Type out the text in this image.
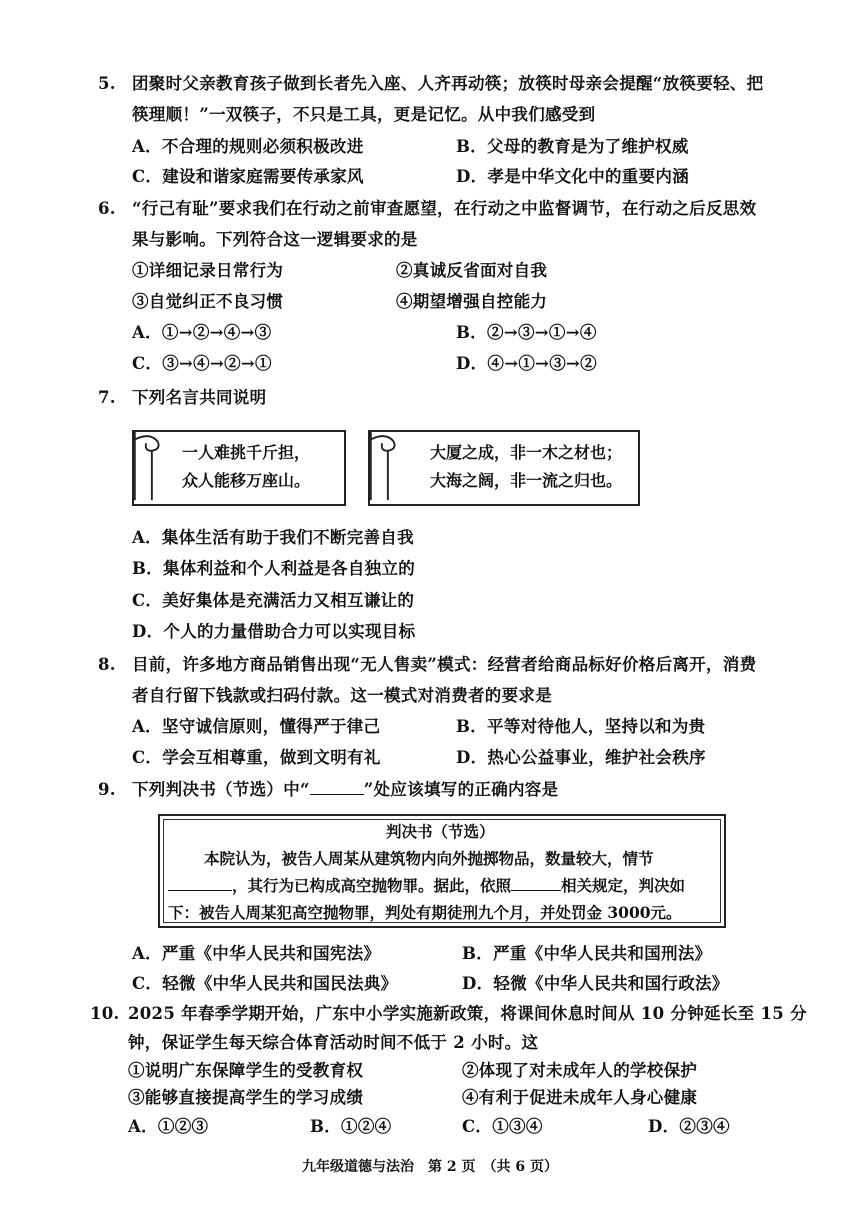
5. 团聚时父亲教育孩子做到长者先入座、人齐再动筷；放筷时母亲会提醒“放筷要轻、把
筷理顺！”一双筷子，不只是工具，更是记忆。从中我们感受到
A．不合理的规则必须积极改进	B．父母的教育是为了维护权威
C．建设和谐家庭需要传承家风	D．孝是中华文化中的重要内涵
6. “行己有耻”要求我们在行动之前审查愿望，在行动之中监督调节，在行动之后反思效
果与影响。下列符合这一逻辑要求的是
①详细记录日常行为	②真诚反省面对自我
③自觉纠正不良习惯	④期望增强自控能力
A．①→②→④→③	B．②→③→①→④
C．③→④→②→①	D．④→①→③→②
7. 下列名言共同说明
一人难挑千斤担，
众人能移万座山。
大厦之成，非一木之材也；
大海之阔，非一流之归也。
A．集体生活有助于我们不断完善自我
B．集体利益和个人利益是各自独立的
C．美好集体是充满活力又相互谦让的
D．个人的力量借助合力可以实现目标
8. 目前，许多地方商品销售出现“无人售卖”模式：经营者给商品标好价格后离开，消费
者自行留下钱款或扫码付款。这一模式对消费者的要求是
A．坚守诚信原则，懂得严于律己	B．平等对待他人，坚持以和为贵
C．学会互相尊重，做到文明有礼	D．热心公益事业，维护社会秩序
9. 下列判决书（节选）中“	”处应该填写的正确内容是
判决书（节选）
本院认为，被告人周某从建筑物内向外抛掷物品，数量较大，情节
，其行为已构成高空抛物罪。据此，依照	相关规定，判决如
下：被告人周某犯高空抛物罪，判处有期徒刑九个月，并处罚金 3000元。
A．严重《中华人民共和国宪法》	B．严重《中华人民共和国刑法》
C．轻微《中华人民共和国民法典》	D．轻微《中华人民共和国行政法》
10. 2025 年春季学期开始，广东中小学实施新政策，将课间休息时间从 10 分钟延长至 15 分
钟，保证学生每天综合体育活动时间不低于 2 小时。这
①说明广东保障学生的受教育权	②体现了对未成年人的学校保护
③能够直接提高学生的学习成绩	④有利于促进未成年人身心健康
A．①②③	B．①②④	C．①③④	D．②③④
九年级道德与法治　第 2 页　（共 6 页）
